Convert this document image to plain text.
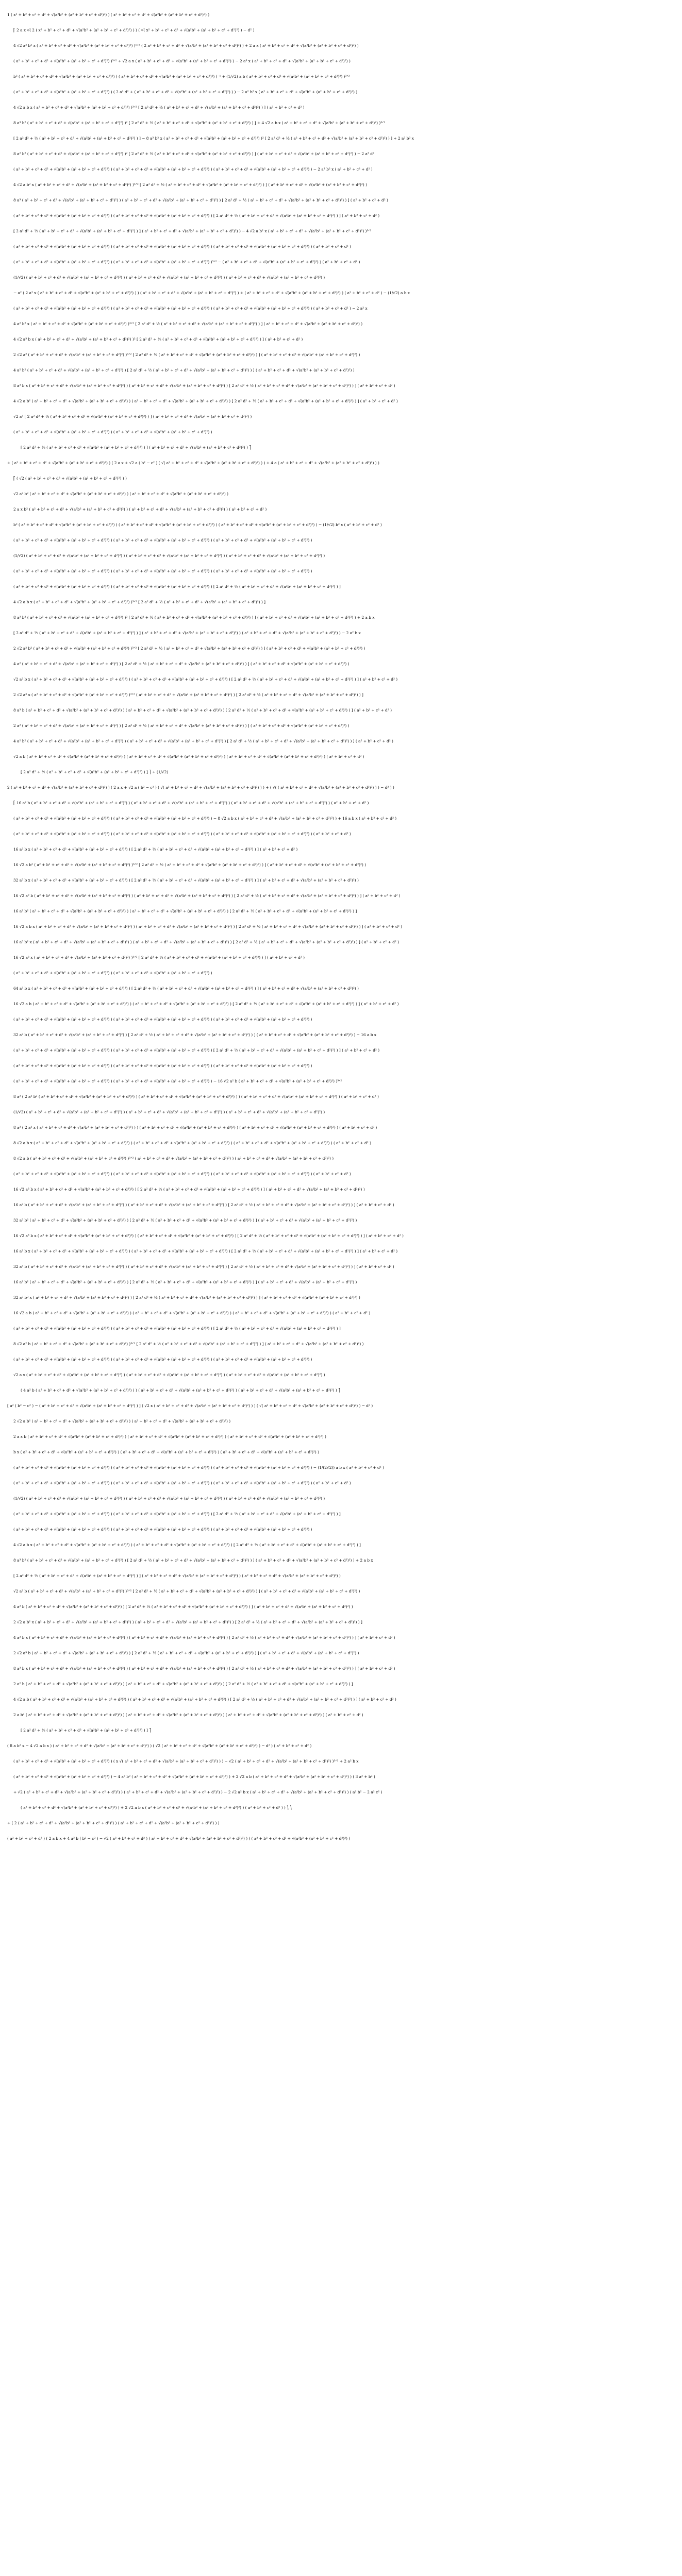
1 ( x² + b² + c² + d² + √(a²b² + (a² + b² + c² + d²)²) ) ( x² + b² + c² + d² + √(a²b² + (a² + b² + c² + d²)²) )
⎡ 2 a x √( 2 ( x² + b² + c² + d² + √(a²b² + (a² + b² + c² + d²)²) ) ) ( √( x² + b² + c² + d² + √(a²b² + (a² + b² + c² + d²)²) ) − d² )
4 √2 a³ b² x ( a² + b² + c² + d² + √(a²b² + (a² + b² + c² + d²)²) )⁵ᐟ² ( 2 a² + b² + c² + d² + √(a²b² + (a² + b² + c² + d²)²) ) + 2 a x ( a² + b² + c² + d² + √(a²b² + (a² + b² + c² + d²)²) )
( a² + b² + c² + d² + √(a²b² + (a² + b² + c² + d²)²) )³ᐟ² + √2 a x ( a² + b² + c² + d² + √(a²b² + (a² + b² + c² + d²)²) ) − 2 a³ x ( a² + b² + c² + d² + √(a²b² + (a² + b² + c² + d²)²) )
b² ( a² + b² + c² + d² + √(a²b² + (a² + b² + c² + d²)²) ) ( a² + b² + c² + d² + √(a²b² + (a² + b² + c² + d²)²) )⁻¹ + (1/√2) a b ( a² + b² + c² + d² + √(a²b² + (a² + b² + c² + d²)²) )³ᐟ²
( a² + b² + c² + d² + √(a²b² + (a² + b² + c² + d²)²) ) ( 2 a² d² + ( a² + b² + c² + d² + √(a²b² + (a² + b² + c² + d²)²) ) ) − 2 a² b² x ( a² + b² + c² + d² + √(a²b² + (a² + b² + c² + d²)²) )
4 √2 a b x ( a² + b² + c² + d² + √(a²b² + (a² + b² + c² + d²)²) )³ᐟ² [ 2 a² d² + ½ ( a² + b² + c² + d² + √(a²b² + (a² + b² + c² + d²)²) ) ] ( a² + b² + c² + d² )
8 a³ b² ( a² + b² + c² + d² + √(a²b² + (a² + b² + c² + d²)²) )² [ 2 a² d² + ½ ( a² + b² + c² + d² + √(a²b² + (a² + b² + c² + d²)²) ) ] + 4 √2 a b x ( a² + b² + c² + d² + √(a²b² + (a² + b² + c² + d²)²) )³ᐟ²
[ 2 a² d² + ½ ( a² + b² + c² + d² + √(a²b² + (a² + b² + c² + d²)²) ) ] − 8 a³ b² x ( a² + b² + c² + d² + √(a²b² + (a² + b² + c² + d²)²) )² [ 2 a² d² + ½ ( a² + b² + c² + d² + √(a²b² + (a² + b² + c² + d²)²) ) ] + 2 a² b² x
8 a² b² ( a² + b² + c² + d² + √(a²b² + (a² + b² + c² + d²)²) )² [ 2 a² d² + ½ ( a² + b² + c² + d² + √(a²b² + (a² + b² + c² + d²)²) ) ] ( a² + b² + c² + d² + √(a²b² + (a² + b² + c² + d²)²) ) − 2 a³ d²
( a² + b² + c² + d² + √(a²b² + (a² + b² + c² + d²)²) ) ( a² + b² + c² + d² + √(a²b² + (a² + b² + c² + d²)²) ) ( a² + b² + c² + d² + √(a²b² + (a² + b² + c² + d²)²) ) − 2 a³ b² x ( a² + b² + c² + d² )
4 √2 a b² x ( a² + b² + c² + d² + √(a²b² + (a² + b² + c² + d²)²) )³ᐟ² [ 2 a² d² + ½ ( a² + b² + c² + d² + √(a²b² + (a² + b² + c² + d²)²) ) ] ( a² + b² + c² + d² + √(a²b² + (a² + b² + c² + d²)²) )
8 a³ ( a² + b² + c² + d² + √(a²b² + (a² + b² + c² + d²)²) ) ( a² + b² + c² + d² + √(a²b² + (a² + b² + c² + d²)²) ) [ 2 a² d² + ½ ( a² + b² + c² + d² + √(a²b² + (a² + b² + c² + d²)²) ) ] ( a² + b² + c² + d² )
( a² + b² + c² + d² + √(a²b² + (a² + b² + c² + d²)²) ) ( a² + b² + c² + d² + √(a²b² + (a² + b² + c² + d²)²) ) [ 2 a² d² + ½ ( a² + b² + c² + d² + √(a²b² + (a² + b² + c² + d²)²) ) ] ( a² + b² + c² + d² )
[ 2 a² d² + ½ ( a² + b² + c² + d² + √(a²b² + (a² + b² + c² + d²)²) ) ] ( a² + b² + c² + d² + √(a²b² + (a² + b² + c² + d²)²) ) − 4 √2 a b² x ( a² + b² + c² + d² + √(a²b² + (a² + b² + c² + d²)²) )³ᐟ²
( a² + b² + c² + d² + √(a²b² + (a² + b² + c² + d²)²) ) ( a² + b² + c² + d² + √(a²b² + (a² + b² + c² + d²)²) ) ( a² + b² + c² + d² + √(a²b² + (a² + b² + c² + d²)²) ) ( a² + b² + c² + d² )
( a² + b² + c² + d² + √(a²b² + (a² + b² + c² + d²)²) ) ( a² + b² + c² + d² + √(a²b² + (a² + b² + c² + d²)²) )³ᐟ² − ( a² + b² + c² + d² + √(a²b² + (a² + b² + c² + d²)²) ) ( a² + b² + c² + d² )
(1/√2) ( a² + b² + c² + d² + √(a²b² + (a² + b² + c² + d²)²) ) ( a² + b² + c² + d² + √(a²b² + (a² + b² + c² + d²)²) ) ( a² + b² + c² + d² + √(a²b² + (a² + b² + c² + d²)²) )
− a² ( 2 a² x ( a² + b² + c² + d² + √(a²b² + (a² + b² + c² + d²)²) ) ) ( a² + b² + c² + d² + √(a²b² + (a² + b² + c² + d²)²) ) + ( a² + b² + c² + d² + √(a²b² + (a² + b² + c² + d²)²) ) ( a² + b² + c² + d² ) − (1/√2) a b x
( a² + b² + c² + d² + √(a²b² + (a² + b² + c² + d²)²) ) ( a² + b² + c² + d² + √(a²b² + (a² + b² + c² + d²)²) ) ( a² + b² + c² + d² + √(a²b² + (a² + b² + c² + d²)²) ) ( a² + b² + c² + d² ) − 2 a² x
4 a² b² x ( a² + b² + c² + d² + √(a²b² + (a² + b² + c² + d²)²) )³ᐟ² [ 2 a² d² + ½ ( a² + b² + c² + d² + √(a²b² + (a² + b² + c² + d²)²) ) ] ( a² + b² + c² + d² + √(a²b² + (a² + b² + c² + d²)²) )
4 √2 a³ b x ( a² + b² + c² + d² + √(a²b² + (a² + b² + c² + d²)²) )² [ 2 a² d² + ½ ( a² + b² + c² + d² + √(a²b² + (a² + b² + c² + d²)²) ) ] ( a² + b² + c² + d² )
2 √2 a² ( a² + b² + c² + d² + √(a²b² + (a² + b² + c² + d²)²) )³ᐟ² [ 2 a² d² + ½ ( a² + b² + c² + d² + √(a²b² + (a² + b² + c² + d²)²) ) ] ( a² + b² + c² + d² + √(a²b² + (a² + b² + c² + d²)²) )
4 a² b² ( a² + b² + c² + d² + √(a²b² + (a² + b² + c² + d²)²) ) [ 2 a² d² + ½ ( a² + b² + c² + d² + √(a²b² + (a² + b² + c² + d²)²) ) ] ( a² + b² + c² + d² + √(a²b² + (a² + b² + c² + d²)²) )
8 a³ b x ( a² + b² + c² + d² + √(a²b² + (a² + b² + c² + d²)²) ) ( a² + b² + c² + d² + √(a²b² + (a² + b² + c² + d²)²) ) [ 2 a² d² + ½ ( a² + b² + c² + d² + √(a²b² + (a² + b² + c² + d²)²) ) ] ( a² + b² + c² + d² )
4 √2 a b² ( a² + b² + c² + d² + √(a²b² + (a² + b² + c² + d²)²) ) ( a² + b² + c² + d² + √(a²b² + (a² + b² + c² + d²)²) ) [ 2 a² d² + ½ ( a² + b² + c² + d² + √(a²b² + (a² + b² + c² + d²)²) ) ] ( a² + b² + c² + d² )
√2 a³ [ 2 a² d² + ½ ( a² + b² + c² + d² + √(a²b² + (a² + b² + c² + d²)²) ) ] ( a² + b² + c² + d² + √(a²b² + (a² + b² + c² + d²)²) )
( a² + b² + c² + d² + √(a²b² + (a² + b² + c² + d²)²) ) ( a² + b² + c² + d² + √(a²b² + (a² + b² + c² + d²)²) )
[ 2 a² d² + ½ ( a² + b² + c² + d² + √(a²b² + (a² + b² + c² + d²)²) ) ] ( a² + b² + c² + d² + √(a²b² + (a² + b² + c² + d²)²) ) ⎤
+ ( a² + b² + c² + d² + √(a²b² + (a² + b² + c² + d²)²) ) ( 2 a x + √2 a ( b² − c² ) ( √( a² + b² + c² + d² + √(a²b² + (a² + b² + c² + d²)²) ) ) + 4 a ( a² + b² + c² + d² + √(a²b² + (a² + b² + c² + d²)²) ) )
⎡ ( √2 ( a² + b² + c² + d² + √(a²b² + (a² + b² + c² + d²)²) ) )
√2 a² b² ( a² + b² + c² + d² + √(a²b² + (a² + b² + c² + d²)²) ) ( a² + b² + c² + d² + √(a²b² + (a² + b² + c² + d²)²) )
2 a x b² ( a² + b² + c² + d² + √(a²b² + (a² + b² + c² + d²)²) ) ( a² + b² + c² + d² + √(a²b² + (a² + b² + c² + d²)²) ) ( a² + b² + c² + d² )
b² ( a² + b² + c² + d² + √(a²b² + (a² + b² + c² + d²)²) ) ( a² + b² + c² + d² + √(a²b² + (a² + b² + c² + d²)²) ) ( a² + b² + c² + d² + √(a²b² + (a² + b² + c² + d²)²) ) − (1/√2) b² x ( a² + b² + c² + d² )
( a² + b² + c² + d² + √(a²b² + (a² + b² + c² + d²)²) ) ( a² + b² + c² + d² + √(a²b² + (a² + b² + c² + d²)²) ) ( a² + b² + c² + d² + √(a²b² + (a² + b² + c² + d²)²) )
(1/√2) ( a² + b² + c² + d² + √(a²b² + (a² + b² + c² + d²)²) ) ( a² + b² + c² + d² + √(a²b² + (a² + b² + c² + d²)²) ) ( a² + b² + c² + d² + √(a²b² + (a² + b² + c² + d²)²) )
( a² + b² + c² + d² + √(a²b² + (a² + b² + c² + d²)²) ) ( a² + b² + c² + d² + √(a²b² + (a² + b² + c² + d²)²) ) ( a² + b² + c² + d² + √(a²b² + (a² + b² + c² + d²)²) )
( a² + b² + c² + d² + √(a²b² + (a² + b² + c² + d²)²) ) ( a² + b² + c² + d² + √(a²b² + (a² + b² + c² + d²)²) ) [ 2 a² d² + ½ ( a² + b² + c² + d² + √(a²b² + (a² + b² + c² + d²)²) ) ]
4 √2 a b x ( a² + b² + c² + d² + √(a²b² + (a² + b² + c² + d²)²) )³ᐟ² [ 2 a² d² + ½ ( a² + b² + c² + d² + √(a²b² + (a² + b² + c² + d²)²) ) ]
8 a³ b² ( a² + b² + c² + d² + √(a²b² + (a² + b² + c² + d²)²) )² [ 2 a² d² + ½ ( a² + b² + c² + d² + √(a²b² + (a² + b² + c² + d²)²) ) ] ( a² + b² + c² + d² + √(a²b² + (a² + b² + c² + d²)²) ) + 2 a b x
[ 2 a² d² + ½ ( a² + b² + c² + d² + √(a²b² + (a² + b² + c² + d²)²) ) ] ( a² + b² + c² + d² + √(a²b² + (a² + b² + c² + d²)²) ) ( a² + b² + c² + d² + √(a²b² + (a² + b² + c² + d²)²) ) − 2 a² b x
2 √2 a² b² ( a² + b² + c² + d² + √(a²b² + (a² + b² + c² + d²)²) )³ᐟ² [ 2 a² d² + ½ ( a² + b² + c² + d² + √(a²b² + (a² + b² + c² + d²)²) ) ] ( a² + b² + c² + d² + √(a²b² + (a² + b² + c² + d²)²) )
4 a² ( a² + b² + c² + d² + √(a²b² + (a² + b² + c² + d²)²) ) [ 2 a² d² + ½ ( a² + b² + c² + d² + √(a²b² + (a² + b² + c² + d²)²) ) ] ( a² + b² + c² + d² + √(a²b² + (a² + b² + c² + d²)²) )
√2 a² b x ( a² + b² + c² + d² + √(a²b² + (a² + b² + c² + d²)²) ) ( a² + b² + c² + d² + √(a²b² + (a² + b² + c² + d²)²) ) [ 2 a² d² + ½ ( a² + b² + c² + d² + √(a²b² + (a² + b² + c² + d²)²) ) ] ( a² + b² + c² + d² )
2 √2 a³ x ( a² + b² + c² + d² + √(a²b² + (a² + b² + c² + d²)²) )³ᐟ² ( a² + b² + c² + d² + √(a²b² + (a² + b² + c² + d²)²) ) [ 2 a² d² + ½ ( a² + b² + c² + d² + √(a²b² + (a² + b² + c² + d²)²) ) ]
8 a³ b ( a² + b² + c² + d² + √(a²b² + (a² + b² + c² + d²)²) ) ( a² + b² + c² + d² + √(a²b² + (a² + b² + c² + d²)²) ) [ 2 a² d² + ½ ( a² + b² + c² + d² + √(a²b² + (a² + b² + c² + d²)²) ) ] ( a² + b² + c² + d² )
2 a² ( a² + b² + c² + d² + √(a²b² + (a² + b² + c² + d²)²) ) [ 2 a² d² + ½ ( a² + b² + c² + d² + √(a²b² + (a² + b² + c² + d²)²) ) ] ( a² + b² + c² + d² + √(a²b² + (a² + b² + c² + d²)²) )
4 a² b² ( a² + b² + c² + d² + √(a²b² + (a² + b² + c² + d²)²) ) ( a² + b² + c² + d² + √(a²b² + (a² + b² + c² + d²)²) ) [ 2 a² d² + ½ ( a² + b² + c² + d² + √(a²b² + (a² + b² + c² + d²)²) ) ] ( a² + b² + c² + d² )
√2 a b ( a² + b² + c² + d² + √(a²b² + (a² + b² + c² + d²)²) ) ( a² + b² + c² + d² + √(a²b² + (a² + b² + c² + d²)²) ) ( a² + b² + c² + d² + √(a²b² + (a² + b² + c² + d²)²) ) ( a² + b² + c² + d² )
[ 2 a² d² + ½ ( a² + b² + c² + d² + √(a²b² + (a² + b² + c² + d²)²) ) ] ⎤ + (1/√2)
2 ( a² + b² + c² + d² + √(a²b² + (a² + b² + c² + d²)²) ) ( 2 a x + √2 a ( b² − c² ) ( √( a² + b² + c² + d² + √(a²b² + (a² + b² + c² + d²)²) ) ) + ( √( ( a² + b² + c² + d² + √(a²b² + (a² + b² + c² + d²)²) ) ) − d² ) )
⎡ 16 a² b ( a² + b² + c² + d² + √(a²b² + (a² + b² + c² + d²)²) ) ( a² + b² + c² + d² + √(a²b² + (a² + b² + c² + d²)²) ) ( a² + b² + c² + d² + √(a²b² + (a² + b² + c² + d²)²) ) ( a² + b² + c² + d² )
( a² + b² + c² + d² + √(a²b² + (a² + b² + c² + d²)²) ) ( a² + b² + c² + d² + √(a²b² + (a² + b² + c² + d²)²) ) − 8 √2 a b x ( a² + b² + c² + d² + √(a²b² + (a² + b² + c² + d²)²) ) + 16 a b x ( a² + b² + c² + d² )
( a² + b² + c² + d² + √(a²b² + (a² + b² + c² + d²)²) ) ( a² + b² + c² + d² + √(a²b² + (a² + b² + c² + d²)²) ) ( a² + b² + c² + d² + √(a²b² + (a² + b² + c² + d²)²) ) ( a² + b² + c² + d² )
16 a² b x ( a² + b² + c² + d² + √(a²b² + (a² + b² + c² + d²)²) ) [ 2 a² d² + ½ ( a² + b² + c² + d² + √(a²b² + (a² + b² + c² + d²)²) ) ] ( a² + b² + c² + d² )
16 √2 a b² ( a² + b² + c² + d² + √(a²b² + (a² + b² + c² + d²)²) )³ᐟ² [ 2 a² d² + ½ ( a² + b² + c² + d² + √(a²b² + (a² + b² + c² + d²)²) ) ] ( a² + b² + c² + d² + √(a²b² + (a² + b² + c² + d²)²) )
32 a³ b x ( a² + b² + c² + d² + √(a²b² + (a² + b² + c² + d²)²) ) [ 2 a² d² + ½ ( a² + b² + c² + d² + √(a²b² + (a² + b² + c² + d²)²) ) ] ( a² + b² + c² + d² + √(a²b² + (a² + b² + c² + d²)²) )
16 √2 a² b ( a² + b² + c² + d² + √(a²b² + (a² + b² + c² + d²)²) ) ( a² + b² + c² + d² + √(a²b² + (a² + b² + c² + d²)²) ) [ 2 a² d² + ½ ( a² + b² + c² + d² + √(a²b² + (a² + b² + c² + d²)²) ) ] ( a² + b² + c² + d² )
16 a² b² ( a² + b² + c² + d² + √(a²b² + (a² + b² + c² + d²)²) ) ( a² + b² + c² + d² + √(a²b² + (a² + b² + c² + d²)²) ) [ 2 a² d² + ½ ( a² + b² + c² + d² + √(a²b² + (a² + b² + c² + d²)²) ) ]
16 √2 a b x ( a² + b² + c² + d² + √(a²b² + (a² + b² + c² + d²)²) ) ( a² + b² + c² + d² + √(a²b² + (a² + b² + c² + d²)²) ) [ 2 a² d² + ½ ( a² + b² + c² + d² + √(a²b² + (a² + b² + c² + d²)²) ) ] ( a² + b² + c² + d² )
16 a³ b² x ( a² + b² + c² + d² + √(a²b² + (a² + b² + c² + d²)²) ) ( a² + b² + c² + d² + √(a²b² + (a² + b² + c² + d²)²) ) [ 2 a² d² + ½ ( a² + b² + c² + d² + √(a²b² + (a² + b² + c² + d²)²) ) ] ( a² + b² + c² + d² )
16 √2 a² x ( a² + b² + c² + d² + √(a²b² + (a² + b² + c² + d²)²) )³ᐟ² [ 2 a² d² + ½ ( a² + b² + c² + d² + √(a²b² + (a² + b² + c² + d²)²) ) ] ( a² + b² + c² + d² )
( a² + b² + c² + d² + √(a²b² + (a² + b² + c² + d²)²) ) ( a² + b² + c² + d² + √(a²b² + (a² + b² + c² + d²)²) )
64 a³ b x ( a² + b² + c² + d² + √(a²b² + (a² + b² + c² + d²)²) ) [ 2 a² d² + ½ ( a² + b² + c² + d² + √(a²b² + (a² + b² + c² + d²)²) ) ] ( a² + b² + c² + d² + √(a²b² + (a² + b² + c² + d²)²) )
16 √2 a b ( a² + b² + c² + d² + √(a²b² + (a² + b² + c² + d²)²) ) ( a² + b² + c² + d² + √(a²b² + (a² + b² + c² + d²)²) ) [ 2 a² d² + ½ ( a² + b² + c² + d² + √(a²b² + (a² + b² + c² + d²)²) ) ] ( a² + b² + c² + d² )
( a² + b² + c² + d² + √(a²b² + (a² + b² + c² + d²)²) ) ( a² + b² + c² + d² + √(a²b² + (a² + b² + c² + d²)²) ) ( a² + b² + c² + d² + √(a²b² + (a² + b² + c² + d²)²) )
32 a² b ( a² + b² + c² + d² + √(a²b² + (a² + b² + c² + d²)²) ) [ 2 a² d² + ½ ( a² + b² + c² + d² + √(a²b² + (a² + b² + c² + d²)²) ) ] ( a² + b² + c² + d² + √(a²b² + (a² + b² + c² + d²)²) ) − 16 a b x
( a² + b² + c² + d² + √(a²b² + (a² + b² + c² + d²)²) ) ( a² + b² + c² + d² + √(a²b² + (a² + b² + c² + d²)²) ) [ 2 a² d² + ½ ( a² + b² + c² + d² + √(a²b² + (a² + b² + c² + d²)²) ) ] ( a² + b² + c² + d² )
( a² + b² + c² + d² + √(a²b² + (a² + b² + c² + d²)²) ) ( a² + b² + c² + d² + √(a²b² + (a² + b² + c² + d²)²) ) ( a² + b² + c² + d² + √(a²b² + (a² + b² + c² + d²)²) )
( a² + b² + c² + d² + √(a²b² + (a² + b² + c² + d²)²) ) ( a² + b² + c² + d² + √(a²b² + (a² + b² + c² + d²)²) ) − 16 √2 a² b ( a² + b² + c² + d² + √(a²b² + (a² + b² + c² + d²)²) )³ᐟ²
8 a² ( 2 a² b² ( a² + b² + c² + d² + √(a²b² + (a² + b² + c² + d²)²) ) ( a² + b² + c² + d² + √(a²b² + (a² + b² + c² + d²)²) ) ) ( a² + b² + c² + d² + √(a²b² + (a² + b² + c² + d²)²) ) ( a² + b² + c² + d² )
(1/√2) ( a² + b² + c² + d² + √(a²b² + (a² + b² + c² + d²)²) ) ( a² + b² + c² + d² + √(a²b² + (a² + b² + c² + d²)²) ) ( a² + b² + c² + d² + √(a²b² + (a² + b² + c² + d²)²) )
8 a² ( 2 a² x ( a² + b² + c² + d² + √(a²b² + (a² + b² + c² + d²)²) ) ) ( a² + b² + c² + d² + √(a²b² + (a² + b² + c² + d²)²) ) ( a² + b² + c² + d² + √(a²b² + (a² + b² + c² + d²)²) ) ( a² + b² + c² + d² )
8 √2 a b x ( a² + b² + c² + d² + √(a²b² + (a² + b² + c² + d²)²) ) ( a² + b² + c² + d² + √(a²b² + (a² + b² + c² + d²)²) ) ( a² + b² + c² + d² + √(a²b² + (a² + b² + c² + d²)²) ) ( a² + b² + c² + d² )
8 √2 a b ( a² + b² + c² + d² + √(a²b² + (a² + b² + c² + d²)²) )³ᐟ² ( a² + b² + c² + d² + √(a²b² + (a² + b² + c² + d²)²) ) ( a² + b² + c² + d² + √(a²b² + (a² + b² + c² + d²)²) )
( a² + b² + c² + d² + √(a²b² + (a² + b² + c² + d²)²) ) ( a² + b² + c² + d² + √(a²b² + (a² + b² + c² + d²)²) ) ( a² + b² + c² + d² + √(a²b² + (a² + b² + c² + d²)²) ) ( a² + b² + c² + d² )
16 √2 a² b x ( a² + b² + c² + d² + √(a²b² + (a² + b² + c² + d²)²) ) [ 2 a² d² + ½ ( a² + b² + c² + d² + √(a²b² + (a² + b² + c² + d²)²) ) ] ( a² + b² + c² + d² + √(a²b² + (a² + b² + c² + d²)²) )
16 a² b ( a² + b² + c² + d² + √(a²b² + (a² + b² + c² + d²)²) ) ( a² + b² + c² + d² + √(a²b² + (a² + b² + c² + d²)²) ) [ 2 a² d² + ½ ( a² + b² + c² + d² + √(a²b² + (a² + b² + c² + d²)²) ) ] ( a² + b² + c² + d² )
32 a³ b² ( a² + b² + c² + d² + √(a²b² + (a² + b² + c² + d²)²) ) [ 2 a² d² + ½ ( a² + b² + c² + d² + √(a²b² + (a² + b² + c² + d²)²) ) ] ( a² + b² + c² + d² + √(a²b² + (a² + b² + c² + d²)²) )
16 √2 a³ b x ( a² + b² + c² + d² + √(a²b² + (a² + b² + c² + d²)²) ) ( a² + b² + c² + d² + √(a²b² + (a² + b² + c² + d²)²) ) [ 2 a² d² + ½ ( a² + b² + c² + d² + √(a²b² + (a² + b² + c² + d²)²) ) ] ( a² + b² + c² + d² )
16 a² b x ( a² + b² + c² + d² + √(a²b² + (a² + b² + c² + d²)²) ) ( a² + b² + c² + d² + √(a²b² + (a² + b² + c² + d²)²) ) [ 2 a² d² + ½ ( a² + b² + c² + d² + √(a²b² + (a² + b² + c² + d²)²) ) ] ( a² + b² + c² + d² )
32 a³ b ( a² + b² + c² + d² + √(a²b² + (a² + b² + c² + d²)²) ) ( a² + b² + c² + d² + √(a²b² + (a² + b² + c² + d²)²) ) [ 2 a² d² + ½ ( a² + b² + c² + d² + √(a²b² + (a² + b² + c² + d²)²) ) ] ( a² + b² + c² + d² )
16 a² b² ( a² + b² + c² + d² + √(a²b² + (a² + b² + c² + d²)²) ) [ 2 a² d² + ½ ( a² + b² + c² + d² + √(a²b² + (a² + b² + c² + d²)²) ) ] ( a² + b² + c² + d² + √(a²b² + (a² + b² + c² + d²)²) )
32 a² b² x ( a² + b² + c² + d² + √(a²b² + (a² + b² + c² + d²)²) ) [ 2 a² d² + ½ ( a² + b² + c² + d² + √(a²b² + (a² + b² + c² + d²)²) ) ] ( a² + b² + c² + d² + √(a²b² + (a² + b² + c² + d²)²) )
16 √2 a b ( a² + b² + c² + d² + √(a²b² + (a² + b² + c² + d²)²) ) ( a² + b² + c² + d² + √(a²b² + (a² + b² + c² + d²)²) ) ( a² + b² + c² + d² + √(a²b² + (a² + b² + c² + d²)²) ) ( a² + b² + c² + d² )
( a² + b² + c² + d² + √(a²b² + (a² + b² + c² + d²)²) ) ( a² + b² + c² + d² + √(a²b² + (a² + b² + c² + d²)²) ) [ 2 a² d² + ½ ( a² + b² + c² + d² + √(a²b² + (a² + b² + c² + d²)²) ) ]
8 √2 a² b ( a² + b² + c² + d² + √(a²b² + (a² + b² + c² + d²)²) )³ᐟ² [ 2 a² d² + ½ ( a² + b² + c² + d² + √(a²b² + (a² + b² + c² + d²)²) ) ] ( a² + b² + c² + d² + √(a²b² + (a² + b² + c² + d²)²) )
( a² + b² + c² + d² + √(a²b² + (a² + b² + c² + d²)²) ) ( a² + b² + c² + d² + √(a²b² + (a² + b² + c² + d²)²) ) ( a² + b² + c² + d² + √(a²b² + (a² + b² + c² + d²)²) )
√2 a x ( a² + b² + c² + d² + √(a²b² + (a² + b² + c² + d²)²) ) ( a² + b² + c² + d² + √(a²b² + (a² + b² + c² + d²)²) ) ( a² + b² + c² + d² + √(a²b² + (a² + b² + c² + d²)²) )
( 4 a² b ( a² + b² + c² + d² + √(a²b² + (a² + b² + c² + d²)²) ) ) ( a² + b² + c² + d² + √(a²b² + (a² + b² + c² + d²)²) ) ( a² + b² + c² + d² + √(a²b² + (a² + b² + c² + d²)²) ) ⎤
[ a² ( b² − c² ) − ( a² + b² + c² + d² + √(a²b² + (a² + b² + c² + d²)²) ) ] ( √2 x ( a² + b² + c² + d² + √(a²b² + (a² + b² + c² + d²)²) ) ) ( √( a² + b² + c² + d² + √(a²b² + (a² + b² + c² + d²)²) ) − d² )
2 √2 a b² ( a² + b² + c² + d² + √(a²b² + (a² + b² + c² + d²)²) ) ( a² + b² + c² + d² + √(a²b² + (a² + b² + c² + d²)²) )
2 a x b ( a² + b² + c² + d² + √(a²b² + (a² + b² + c² + d²)²) ) ( a² + b² + c² + d² + √(a²b² + (a² + b² + c² + d²)²) ) ( a² + b² + c² + d² + √(a²b² + (a² + b² + c² + d²)²) )
b x ( a² + b² + c² + d² + √(a²b² + (a² + b² + c² + d²)²) ) ( a² + b² + c² + d² + √(a²b² + (a² + b² + c² + d²)²) ) ( a² + b² + c² + d² + √(a²b² + (a² + b² + c² + d²)²) )
( a² + b² + c² + d² + √(a²b² + (a² + b² + c² + d²)²) ) ( a² + b² + c² + d² + √(a²b² + (a² + b² + c² + d²)²) ) ( a² + b² + c² + d² + √(a²b² + (a² + b² + c² + d²)²) ) − (1/(2√2)) a b x ( a² + b² + c² + d² )
( a² + b² + c² + d² + √(a²b² + (a² + b² + c² + d²)²) ) ( a² + b² + c² + d² + √(a²b² + (a² + b² + c² + d²)²) ) ( a² + b² + c² + d² + √(a²b² + (a² + b² + c² + d²)²) ) ( a² + b² + c² + d² )
(1/√2) ( a² + b² + c² + d² + √(a²b² + (a² + b² + c² + d²)²) ) ( a² + b² + c² + d² + √(a²b² + (a² + b² + c² + d²)²) ) ( a² + b² + c² + d² + √(a²b² + (a² + b² + c² + d²)²) )
( a² + b² + c² + d² + √(a²b² + (a² + b² + c² + d²)²) ) ( a² + b² + c² + d² + √(a²b² + (a² + b² + c² + d²)²) ) [ 2 a² d² + ½ ( a² + b² + c² + d² + √(a²b² + (a² + b² + c² + d²)²) ) ]
( a² + b² + c² + d² + √(a²b² + (a² + b² + c² + d²)²) ) ( a² + b² + c² + d² + √(a²b² + (a² + b² + c² + d²)²) ) ( a² + b² + c² + d² + √(a²b² + (a² + b² + c² + d²)²) )
4 √2 a b x ( a² + b² + c² + d² + √(a²b² + (a² + b² + c² + d²)²) ) ( a² + b² + c² + d² + √(a²b² + (a² + b² + c² + d²)²) ) [ 2 a² d² + ½ ( a² + b² + c² + d² + √(a²b² + (a² + b² + c² + d²)²) ) ]
8 a³ b² ( a² + b² + c² + d² + √(a²b² + (a² + b² + c² + d²)²) ) [ 2 a² d² + ½ ( a² + b² + c² + d² + √(a²b² + (a² + b² + c² + d²)²) ) ] ( a² + b² + c² + d² + √(a²b² + (a² + b² + c² + d²)²) ) + 2 a b x
[ 2 a² d² + ½ ( a² + b² + c² + d² + √(a²b² + (a² + b² + c² + d²)²) ) ] ( a² + b² + c² + d² + √(a²b² + (a² + b² + c² + d²)²) ) ( a² + b² + c² + d² + √(a²b² + (a² + b² + c² + d²)²) )
√2 a² b ( a² + b² + c² + d² + √(a²b² + (a² + b² + c² + d²)²) )³ᐟ² [ 2 a² d² + ½ ( a² + b² + c² + d² + √(a²b² + (a² + b² + c² + d²)²) ) ] ( a² + b² + c² + d² + √(a²b² + (a² + b² + c² + d²)²) )
4 a² b ( a² + b² + c² + d² + √(a²b² + (a² + b² + c² + d²)²) ) [ 2 a² d² + ½ ( a² + b² + c² + d² + √(a²b² + (a² + b² + c² + d²)²) ) ] ( a² + b² + c² + d² + √(a²b² + (a² + b² + c² + d²)²) )
2 √2 a b² x ( a² + b² + c² + d² + √(a²b² + (a² + b² + c² + d²)²) ) ( a² + b² + c² + d² + √(a²b² + (a² + b² + c² + d²)²) ) [ 2 a² d² + ½ ( a² + b² + c² + d² + √(a²b² + (a² + b² + c² + d²)²) ) ]
4 a² b x ( a² + b² + c² + d² + √(a²b² + (a² + b² + c² + d²)²) ) ( a² + b² + c² + d² + √(a²b² + (a² + b² + c² + d²)²) ) [ 2 a² d² + ½ ( a² + b² + c² + d² + √(a²b² + (a² + b² + c² + d²)²) ) ] ( a² + b² + c² + d² )
2 √2 a³ b ( a² + b² + c² + d² + √(a²b² + (a² + b² + c² + d²)²) ) [ 2 a² d² + ½ ( a² + b² + c² + d² + √(a²b² + (a² + b² + c² + d²)²) ) ] ( a² + b² + c² + d² + √(a²b² + (a² + b² + c² + d²)²) )
8 a³ b x ( a² + b² + c² + d² + √(a²b² + (a² + b² + c² + d²)²) ) ( a² + b² + c² + d² + √(a²b² + (a² + b² + c² + d²)²) ) [ 2 a² d² + ½ ( a² + b² + c² + d² + √(a²b² + (a² + b² + c² + d²)²) ) ] ( a² + b² + c² + d² )
2 a² b ( a² + b² + c² + d² + √(a²b² + (a² + b² + c² + d²)²) ) ( a² + b² + c² + d² + √(a²b² + (a² + b² + c² + d²)²) ) [ 2 a² d² + ½ ( a² + b² + c² + d² + √(a²b² + (a² + b² + c² + d²)²) ) ]
4 √2 a b ( a² + b² + c² + d² + √(a²b² + (a² + b² + c² + d²)²) ) ( a² + b² + c² + d² + √(a²b² + (a² + b² + c² + d²)²) ) [ 2 a² d² + ½ ( a² + b² + c² + d² + √(a²b² + (a² + b² + c² + d²)²) ) ] ( a² + b² + c² + d² )
2 a b² ( a² + b² + c² + d² + √(a²b² + (a² + b² + c² + d²)²) ) ( a² + b² + c² + d² + √(a²b² + (a² + b² + c² + d²)²) ) ( a² + b² + c² + d² + √(a²b² + (a² + b² + c² + d²)²) ) ( a² + b² + c² + d² )
[ 2 a² d² + ½ ( a² + b² + c² + d² + √(a²b² + (a² + b² + c² + d²)²) ) ] ⎤
( 8 a b² x − 4 √2 a b x ) ( a² + b² + c² + d² + √(a²b² + (a² + b² + c² + d²)²) ) ( √2 ( a² + b² + c² + d² + √(a²b² + (a² + b² + c² + d²)²) ) − d² ) ( a² + b² + c² + d² )
( a² + b² + c² + d² + √(a²b² + (a² + b² + c² + d²)²) ) ( x √( a² + b² + c² + d² + √(a²b² + (a² + b² + c² + d²)²) ) ) − √2 ( a² + b² + c² + d² + √(a²b² + (a² + b² + c² + d²)²) )³ᐟ² + 2 a² b x
( a² + b² + c² + d² + √(a²b² + (a² + b² + c² + d²)²) ) − 4 a² b² ( a² + b² + c² + d² + √(a²b² + (a² + b² + c² + d²)²) ) + 2 √2 a b ( a² + b² + c² + d² + √(a²b² + (a² + b² + c² + d²)²) ) ( 3 a² + b² )
+ √2 ( a² + b² + c² + d² + √(a²b² + (a² + b² + c² + d²)²) ) ( a² + b² + c² + d² + √(a²b² + (a² + b² + c² + d²)²) ) − 2 √2 a² b x ( a² + b² + c² + d² + √(a²b² + (a² + b² + c² + d²)²) ) ( a² b² − 2 a² c² )
( a² + b² + c² + d² + √(a²b² + (a² + b² + c² + d²)²) ) + 2 √2 a b x ( a² + b² + c² + d² + √(a²b² + (a² + b² + c² + d²)²) ) ( a² + b² + c² + d² ) ) ⎞ ⎞
+ ( 2 ( a² + b² + c² + d² + √(a²b² + (a² + b² + c² + d²)²) ) ( a² + b² + c² + d² + √(a²b² + (a² + b² + c² + d²)²) ) )
( a² + b² + c² + d² ) ( 2 a b x + 4 a³ b ( b² − c² ) − √2 ( a² + b² + c² + d² ) ( a² + b² + c² + d² + √(a²b² + (a² + b² + c² + d²)²) ) ) ( a² + b² + c² + d² + √(a²b² + (a² + b² + c² + d²)²) )
